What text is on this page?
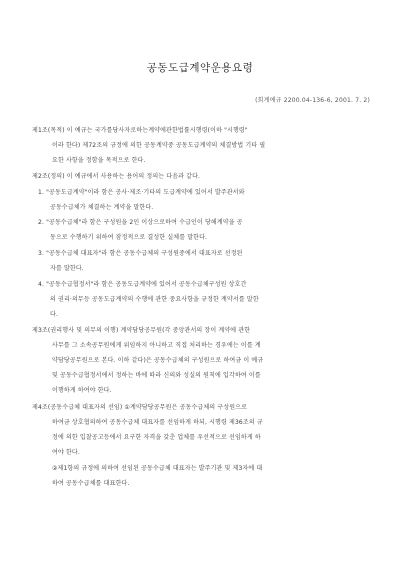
공동도급계약운용요령
(회계예규 2200.04-136-6, 2001. 7. 2)
제1조(목적) 이 예규는 국가를당사자로하는계약에관한법률시행령(이하 "시행령"
이라 한다) 제72조의 규정에 의한 공동계약중 공동도급계약의 체결방법 기타 필
요한 사항을 정함을 목적으로 한다.
제2조(정의) 이 예규에서 사용하는 용어의 정의는 다음과 같다.
1. "공동도급계약"이라 함은 공사·제조·기타의 도급계약에 있어서 발주관서와
공동수급체가 체결하는 계약을 말한다.
2. "공동수급체"라 함은 구성원을 2인 이상으로하여 수급인이 당해계약을 공
동으로 수행하기 위하여 잠정적으로 결성한 실체를 말한다.
3. "공동수급체 대표자"라 함은 공동수급체의 구성원중에서 대표자로 선정된
자를 말한다.
4. "공동수급협정서"라 함은 공동도급계약에 있어서 공동수급체구성원 상호간
의 권리·의무등 공동도급계약의 수행에 관한 중요사항을 규정한 계약서를 말한
다.
제3조(권리행사 및 의무의 이행) 계약담당공무원(각 중앙관서의 장이 계약에 관한
사무를 그 소속공무원에게 위임하지 아니하고 직접 처리하는 경우에는 이를 계
약담당공무원으로 본다. 이하 같다)은 공동수급체의 구성원으로 하여금 이 예규
및 공동수급협정서에서 정하는 바에 따라 신의와 성실의 원칙에 입각하여 이를
이행하게 하여야 한다.
제4조(공동수급체 대표자의 선임) ①계약담당공무원은 공동수급체의 구성원으로
하여금 상호협의하여 공동수급체 대표자를 선임하게 하되, 시행령 제36조의 규
정에 의한 입찰공고등에서 요구한 자격을 갖춘 업체를 우선적으로 선임하게 하
여야 한다.
②제1항의 규정에 의하여 선임된 공동수급체 대표자는 발주기관 및 제3자에 대
하여 공동수급체를 대표한다.
